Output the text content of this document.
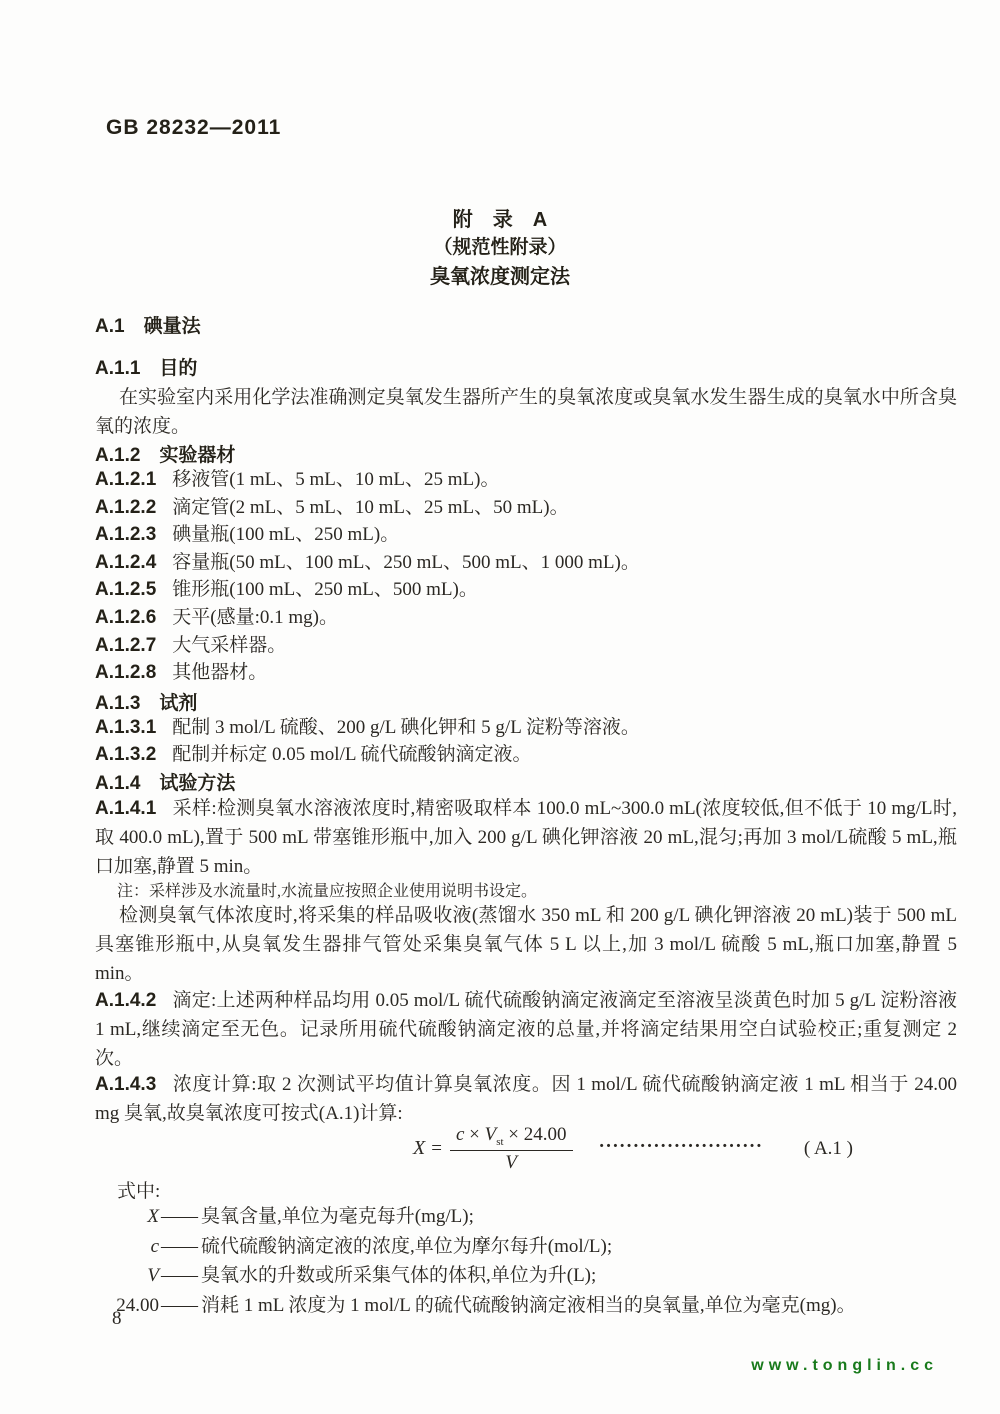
GB 28232—2011
附　录　A
（规范性附录）
臭氧浓度测定法
A.1　碘量法
A.1.1　目的
在实验室内采用化学法准确测定臭氧发生器所产生的臭氧浓度或臭氧水发生器生成的臭氧水中所含臭氧的浓度。
A.1.2　实验器材
A.1.2.1 移液管(1 mL、5 mL、10 mL、25 mL)。
A.1.2.2 滴定管(2 mL、5 mL、10 mL、25 mL、50 mL)。
A.1.2.3 碘量瓶(100 mL、250 mL)。
A.1.2.4 容量瓶(50 mL、100 mL、250 mL、500 mL、1 000 mL)。
A.1.2.5 锥形瓶(100 mL、250 mL、500 mL)。
A.1.2.6 天平(感量:0.1 mg)。
A.1.2.7 大气采样器。
A.1.2.8 其他器材。
A.1.3　试剂
A.1.3.1 配制 3 mol/L 硫酸、200 g/L 碘化钾和 5 g/L 淀粉等溶液。
A.1.3.2 配制并标定 0.05 mol/L 硫代硫酸钠滴定液。
A.1.4　试验方法
A.1.4.1 采样:检测臭氧水溶液浓度时,精密吸取样本 100.0 mL~300.0 mL(浓度较低,但不低于 10 mg/L时,取 400.0 mL),置于 500 mL 带塞锥形瓶中,加入 200 g/L 碘化钾溶液 20 mL,混匀;再加 3 mol/L硫酸 5 mL,瓶口加塞,静置 5 min。
注：采样涉及水流量时,水流量应按照企业使用说明书设定。
检测臭氧气体浓度时,将采集的样品吸收液(蒸馏水 350 mL 和 200 g/L 碘化钾溶液 20 mL)装于 500 mL 具塞锥形瓶中,从臭氧发生器排气管处采集臭氧气体 5 L 以上,加 3 mol/L 硫酸 5 mL,瓶口加塞,静置 5 min。
A.1.4.2 滴定:上述两种样品均用 0.05 mol/L 硫代硫酸钠滴定液滴定至溶液呈淡黄色时加 5 g/L 淀粉溶液 1 mL,继续滴定至无色。记录所用硫代硫酸钠滴定液的总量,并将滴定结果用空白试验校正;重复测定 2 次。
A.1.4.3 浓度计算:取 2 次测试平均值计算臭氧浓度。因 1 mol/L 硫代硫酸钠滴定液 1 mL 相当于 24.00 mg 臭氧,故臭氧浓度可按式(A.1)计算:
$X = \frac{c \times V_{st} \times 24.00}{V}$ ························	( A.1 )
式中:
X —— 臭氧含量,单位为毫克每升(mg/L);
c —— 硫代硫酸钠滴定液的浓度,单位为摩尔每升(mol/L);
V —— 臭氧水的升数或所采集气体的体积,单位为升(L);
24.00 —— 消耗 1 mL 浓度为 1 mol/L 的硫代硫酸钠滴定液相当的臭氧量,单位为毫克(mg)。
8
www.tonglin.cc
